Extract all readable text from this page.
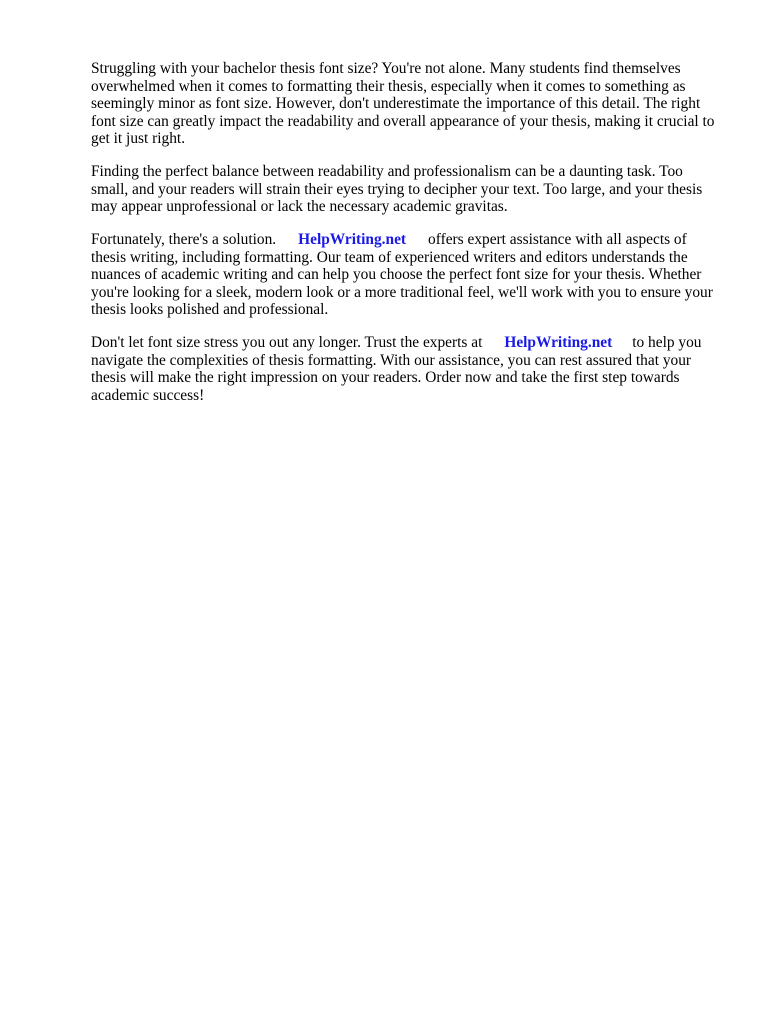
Struggling with your bachelor thesis font size? You're not alone. Many students find themselves overwhelmed when it comes to formatting their thesis, especially when it comes to something as seemingly minor as font size. However, don't underestimate the importance of this detail. The right font size can greatly impact the readability and overall appearance of your thesis, making it crucial to get it just right.

Finding the perfect balance between readability and professionalism can be a daunting task. Too small, and your readers will strain their eyes trying to decipher your text. Too large, and your thesis may appear unprofessional or lack the necessary academic gravitas.

Fortunately, there's a solution. HelpWriting.net offers expert assistance with all aspects of thesis writing, including formatting. Our team of experienced writers and editors understands the nuances of academic writing and can help you choose the perfect font size for your thesis. Whether you're looking for a sleek, modern look or a more traditional feel, we'll work with you to ensure your thesis looks polished and professional.

Don't let font size stress you out any longer. Trust the experts at HelpWriting.net to help you navigate the complexities of thesis formatting. With our assistance, you can rest assured that your thesis will make the right impression on your readers. Order now and take the first step towards academic success!
